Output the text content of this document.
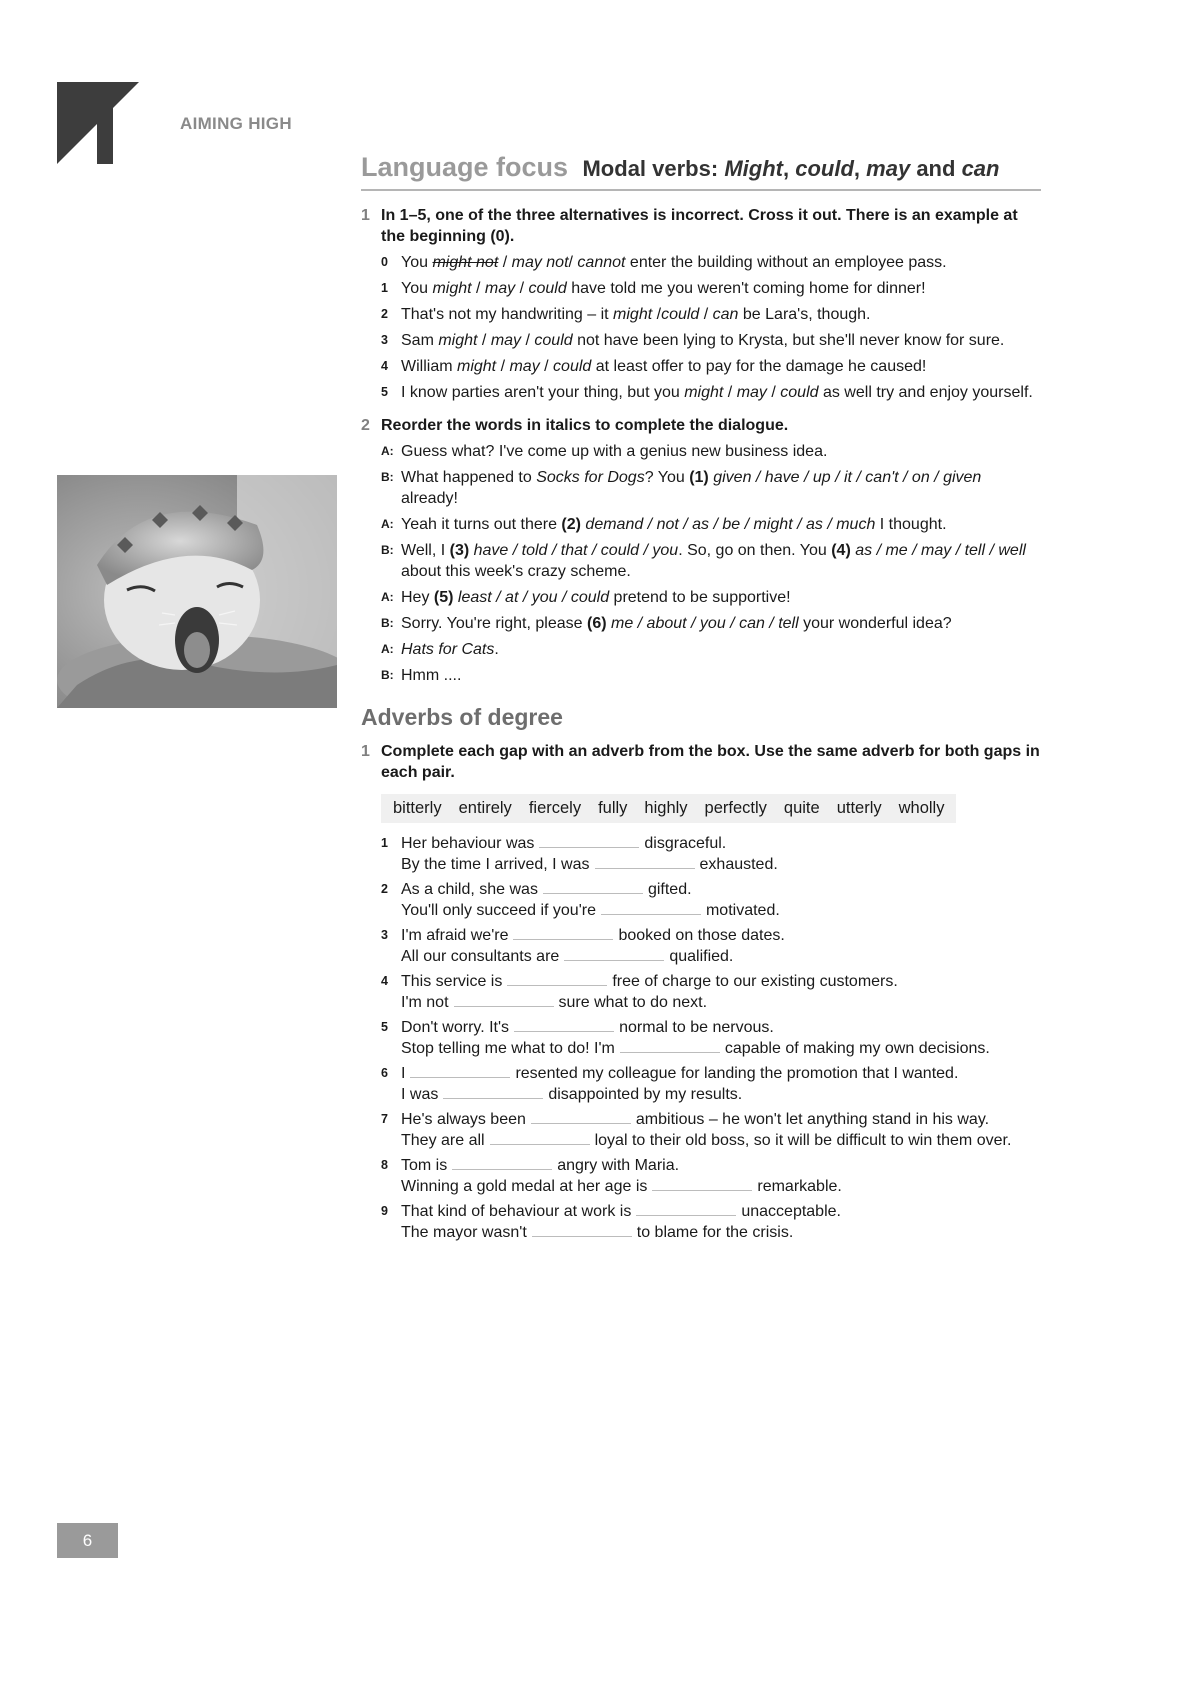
AIMING HIGH
Language focus Modal verbs: Might, could, may and can
1 In 1–5, one of the three alternatives is incorrect. Cross it out. There is an example at the beginning (0).
0 You might not / may not/ cannot enter the building without an employee pass.
1 You might / may / could have told me you weren't coming home for dinner!
2 That's not my handwriting – it might /could / can be Lara's, though.
3 Sam might / may / could not have been lying to Krysta, but she'll never know for sure.
4 William might / may / could at least offer to pay for the damage he caused!
5 I know parties aren't your thing, but you might / may / could as well try and enjoy yourself.
2 Reorder the words in italics to complete the dialogue.
A: Guess what? I've come up with a genius new business idea.
B: What happened to Socks for Dogs? You (1) given / have / up / it / can't / on / given already!
A: Yeah it turns out there (2) demand / not / as / be / might / as / much I thought.
B: Well, I (3) have / told / that / could / you. So, go on then. You (4) as / me / may / tell / well about this week's crazy scheme.
A: Hey (5) least / at / you / could pretend to be supportive!
B: Sorry. You're right, please (6) me / about / you / can / tell your wonderful idea?
A: Hats for Cats.
B: Hmm ....
Adverbs of degree
1 Complete each gap with an adverb from the box. Use the same adverb for both gaps in each pair.
bitterly entirely fiercely fully highly perfectly quite utterly wholly
1 Her behaviour was	disgraceful.
By the time I arrived, I was	exhausted.
2 As a child, she was	gifted.
You'll only succeed if you're	motivated.
3 I'm afraid we're	booked on those dates.
All our consultants are	qualified.
4 This service is	free of charge to our existing customers.
I'm not	sure what to do next.
5 Don't worry. It's	normal to be nervous.
Stop telling me what to do! I'm	capable of making my own decisions.
6 I	resented my colleague for landing the promotion that I wanted.
I was	disappointed by my results.
7 He's always been	ambitious – he won't let anything stand in his way.
They are all	loyal to their old boss, so it will be difficult to win them over.
8 Tom is	angry with Maria.
Winning a gold medal at her age is	remarkable.
9 That kind of behaviour at work is	unacceptable.
The mayor wasn't	to blame for the crisis.
6
